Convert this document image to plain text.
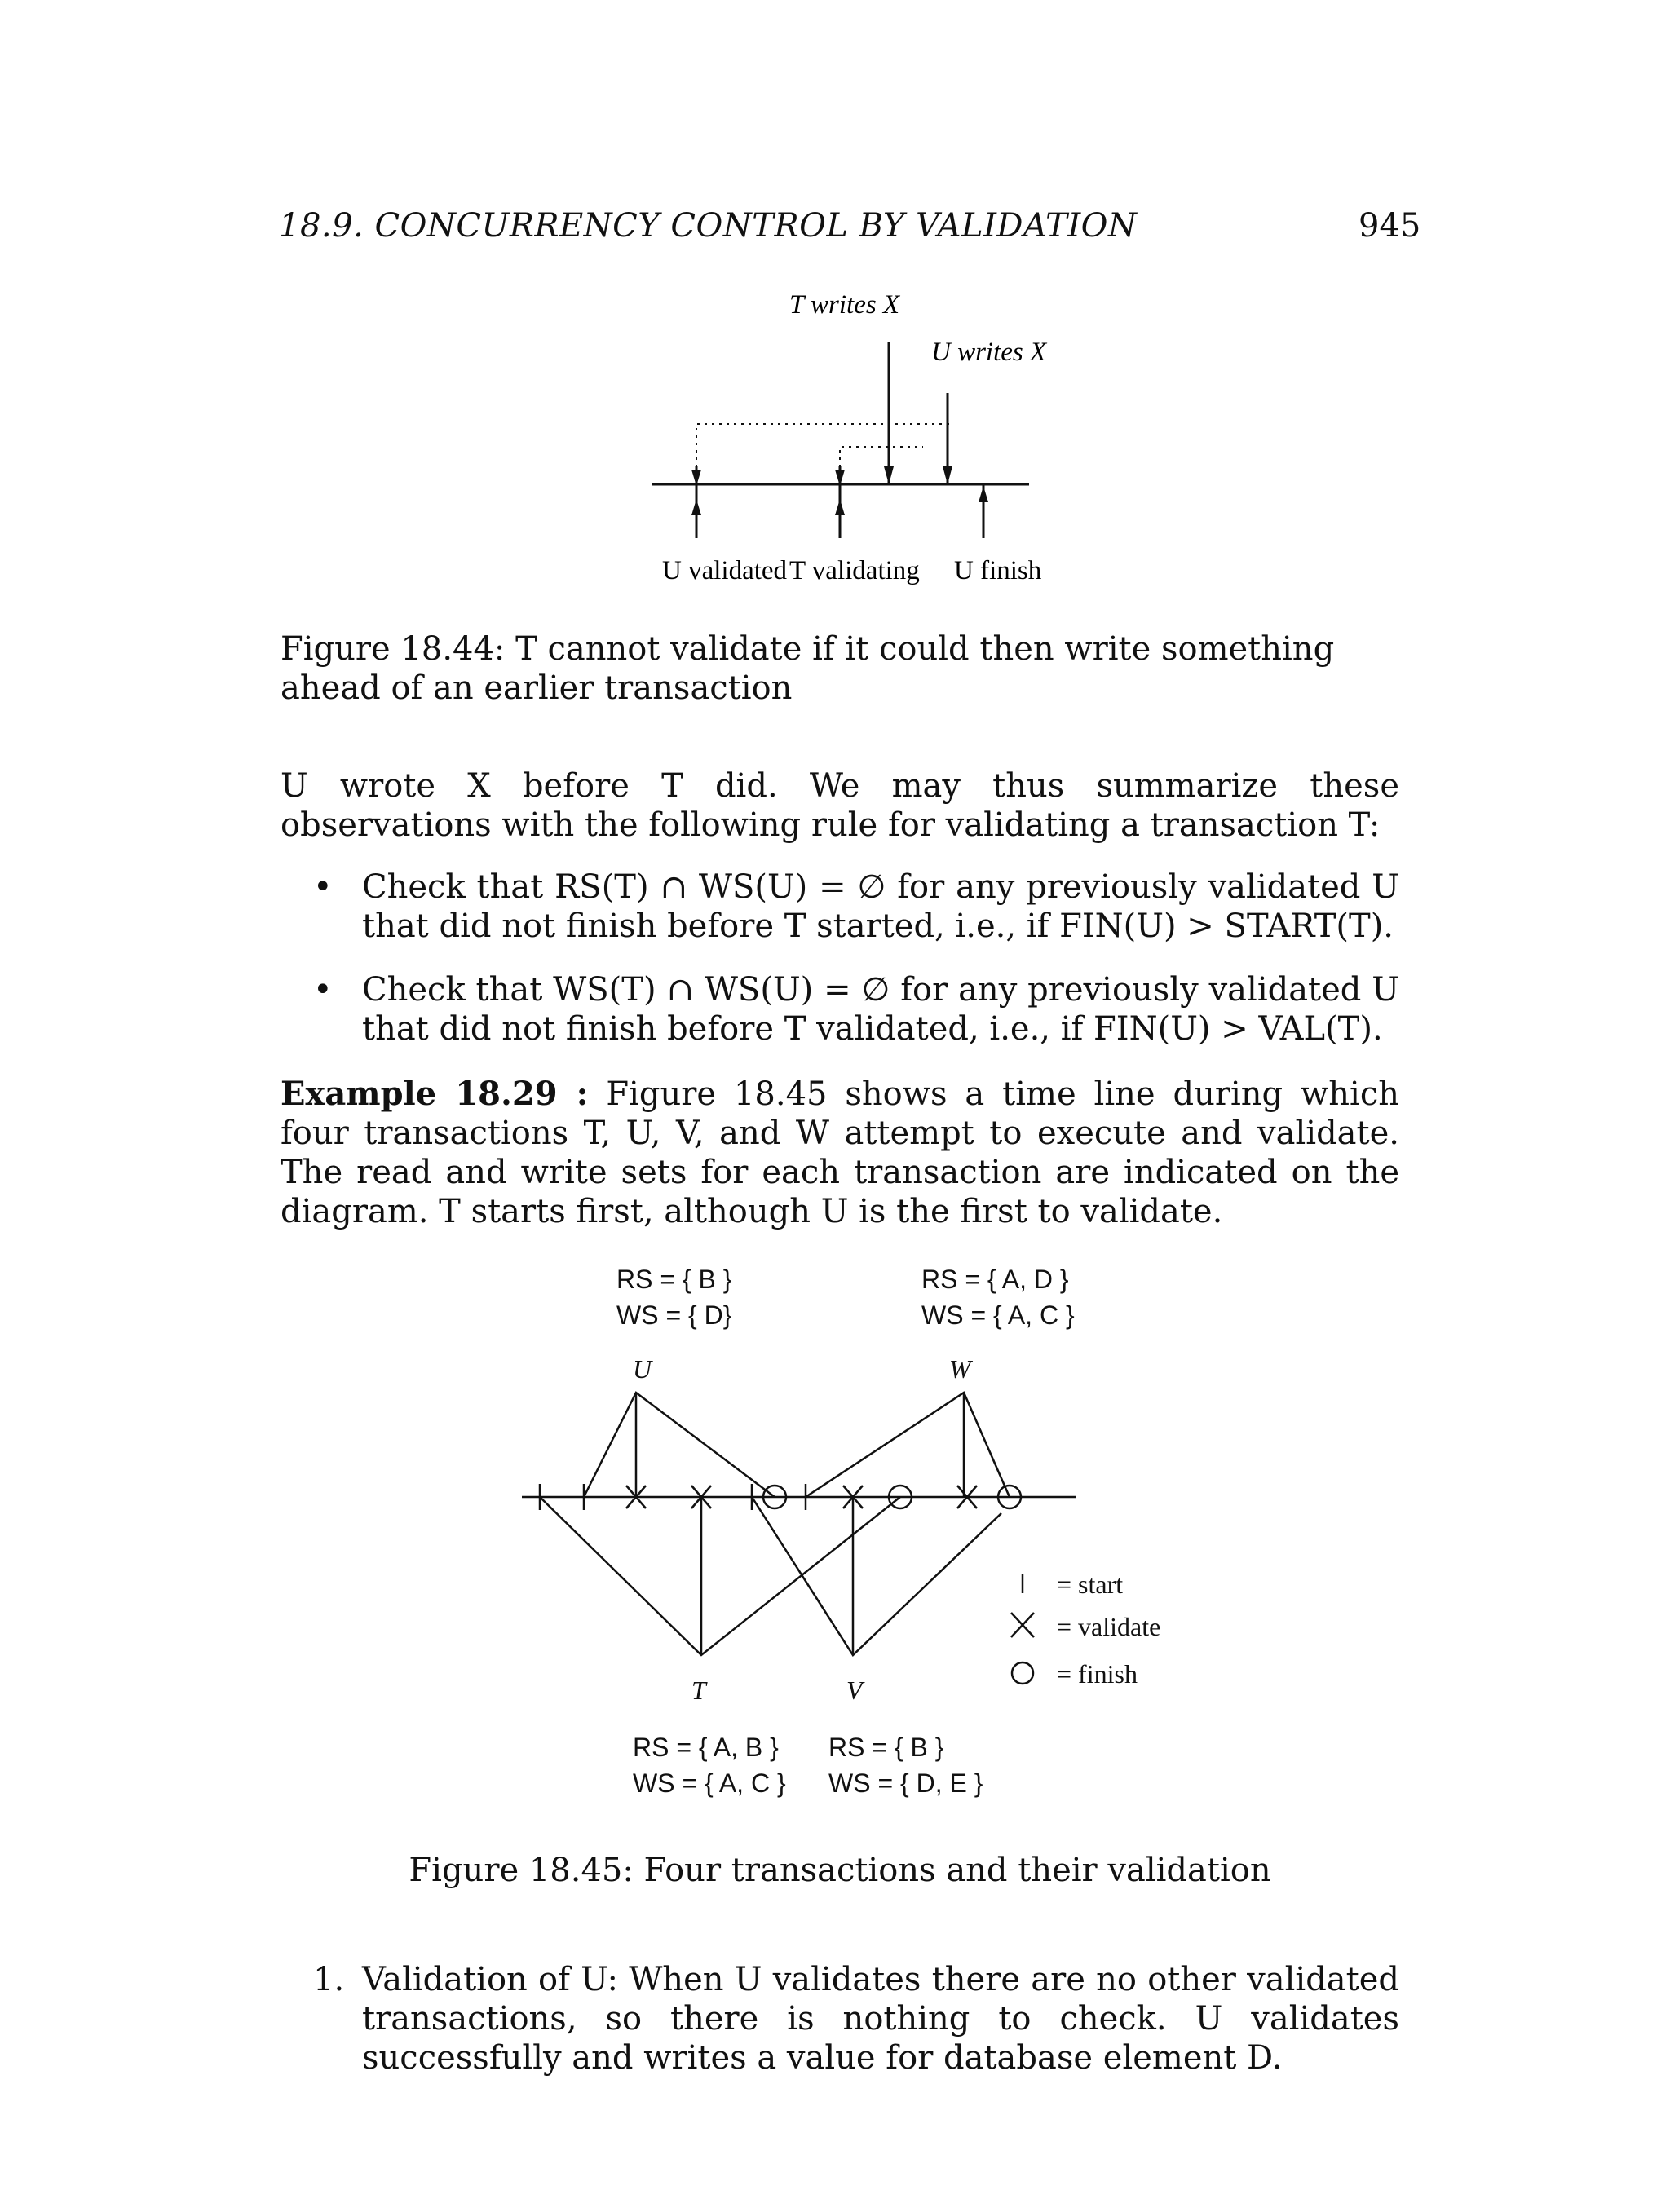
18.9. CONCURRENCY CONTROL BY VALIDATION	945
T writes X
U writes X
U validated T validating U finish
Figure 18.44: T cannot validate if it could then write something ahead of an earlier transaction
U wrote X before T did. We may thus summarize these observations with the following rule for validating a transaction T:
• Check that RS(T) ∩ WS(U) = ∅ for any previously validated U that did not finish before T started, i.e., if FIN(U) > START(T).
• Check that WS(T) ∩ WS(U) = ∅ for any previously validated U that did not finish before T validated, i.e., if FIN(U) > VAL(T).
Example 18.29 : Figure 18.45 shows a time line during which four transactions T, U, V, and W attempt to execute and validate. The read and write sets for each transaction are indicated on the diagram. T starts first, although U is the first to validate.
RS = { B }
WS = { D}
RS = { A, D }
WS = { A, C }
RS = { A, B }
WS = { A, C }
RS = { B }
WS = { D, E }
U	W
T	V
= start
= validate
= finish
Figure 18.45: Four transactions and their validation
1. Validation of U: When U validates there are no other validated transactions, so there is nothing to check. U validates successfully and writes a value for database element D.
